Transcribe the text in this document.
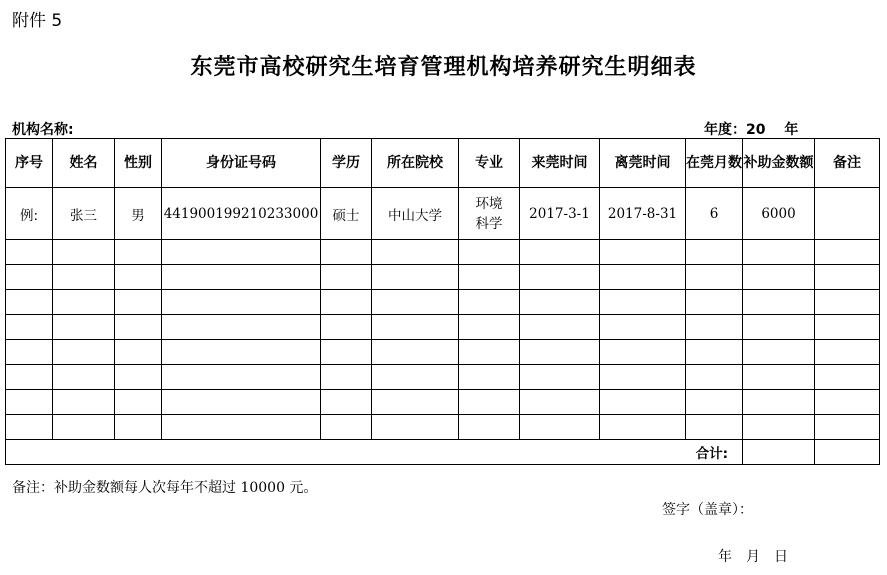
附件 5
东莞市高校研究生培育管理机构培养研究生明细表
机构名称:	年度：20　 年
序号	姓名	性别	身份证号码	学历	所在院校	专业	来莞时间	离莞时间	在莞月数	补助金数额	备注
例:	张三	男	441900199210233000	硕士	中山大学	环境科学	2017-3-1	2017-8-31	6	6000	

合计:											
备注：补助金数额每人次每年不超过 10000 元。
签字（盖章）：
年　月　日
